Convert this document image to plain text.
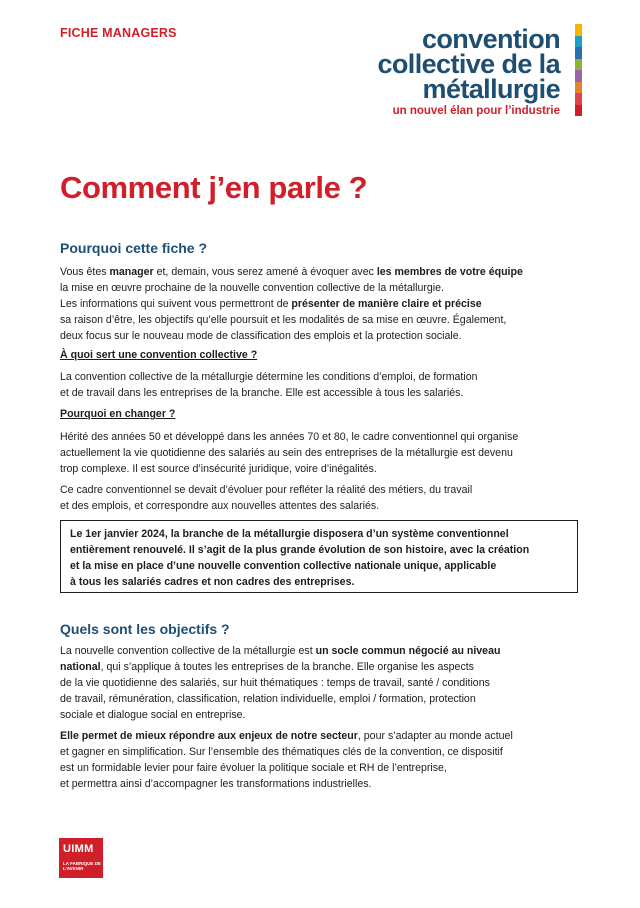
FICHE MANAGERS	convention
collective de la
métallurgie
un nouvel élan pour l’industrie
Comment j’en parle ?
Pourquoi cette fiche ?
Vous êtes manager et, demain, vous serez amené à évoquer avec les membres de votre équipe
la mise en œuvre prochaine de la nouvelle convention collective de la métallurgie.
Les informations qui suivent vous permettront de présenter de manière claire et précise
sa raison d’être, les objectifs qu’elle poursuit et les modalités de sa mise en œuvre. Également,
deux focus sur le nouveau mode de classification des emplois et la protection sociale.
À quoi sert une convention collective ?
La convention collective de la métallurgie détermine les conditions d’emploi, de formation
et de travail dans les entreprises de la branche. Elle est accessible à tous les salariés.
Pourquoi en changer ?
Hérité des années 50 et développé dans les années 70 et 80, le cadre conventionnel qui organise
actuellement la vie quotidienne des salariés au sein des entreprises de la métallurgie est devenu
trop complexe. Il est source d’insécurité juridique, voire d’inégalités.
Ce cadre conventionnel se devait d’évoluer pour refléter la réalité des métiers, du travail
et des emplois, et correspondre aux nouvelles attentes des salariés.
Le 1er janvier 2024, la branche de la métallurgie disposera d’un système conventionnel
entièrement renouvelé. Il s’agit de la plus grande évolution de son histoire, avec la création
et la mise en place d’une nouvelle convention collective nationale unique, applicable
à tous les salariés cadres et non cadres des entreprises.
Quels sont les objectifs ?
La nouvelle convention collective de la métallurgie est un socle commun négocié au niveau
national, qui s’applique à toutes les entreprises de la branche. Elle organise les aspects
de la vie quotidienne des salariés, sur huit thématiques : temps de travail, santé / conditions
de travail, rémunération, classification, relation individuelle, emploi / formation, protection
sociale et dialogue social en entreprise.
Elle permet de mieux répondre aux enjeux de notre secteur, pour s’adapter au monde actuel
et gagner en simplification. Sur l’ensemble des thématiques clés de la convention, ce dispositif
est un formidable levier pour faire évoluer la politique sociale et RH de l’entreprise,
et permettra ainsi d’accompagner les transformations industrielles.
UIMM
LA FABRIQUE DE L’AVENIR
